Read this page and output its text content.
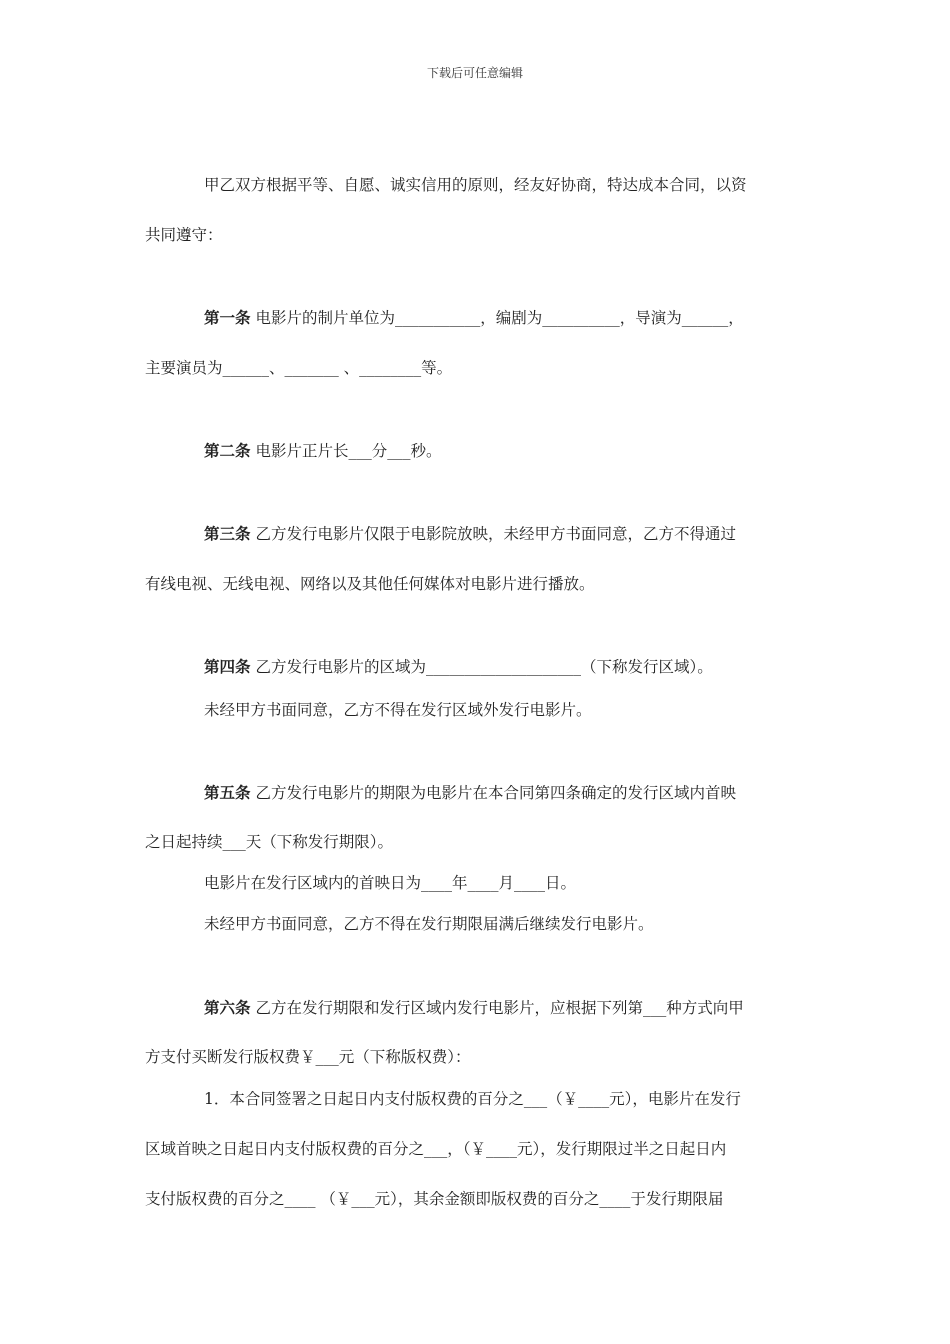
下载后可任意编辑
甲乙双方根据平等、自愿、诚实信用的原则，经友好协商，特达成本合同，以资
共同遵守：
第一条 电影片的制片单位为___________，编剧为__________，导演为______，
主要演员为______、_______ 、________等。
第二条 电影片正片长___分___秒。
第三条 乙方发行电影片仅限于电影院放映，未经甲方书面同意，乙方不得通过
有线电视、无线电视、网络以及其他任何媒体对电影片进行播放。
第四条 乙方发行电影片的区域为____________________（下称发行区域）。
未经甲方书面同意，乙方不得在发行区域外发行电影片。
第五条 乙方发行电影片的期限为电影片在本合同第四条确定的发行区域内首映
之日起持续___天（下称发行期限）。
电影片在发行区域内的首映日为____年____月____日。
未经甲方书面同意，乙方不得在发行期限届满后继续发行电影片。
第六条 乙方在发行期限和发行区域内发行电影片，应根据下列第___种方式向甲
方支付买断发行版权费￥___元（下称版权费）：
1．本合同签署之日起日内支付版权费的百分之___（￥____元），电影片在发行
区域首映之日起日内支付版权费的百分之___，（￥____元），发行期限过半之日起日内
支付版权费的百分之____ （￥___元），其余金额即版权费的百分之____于发行期限届
